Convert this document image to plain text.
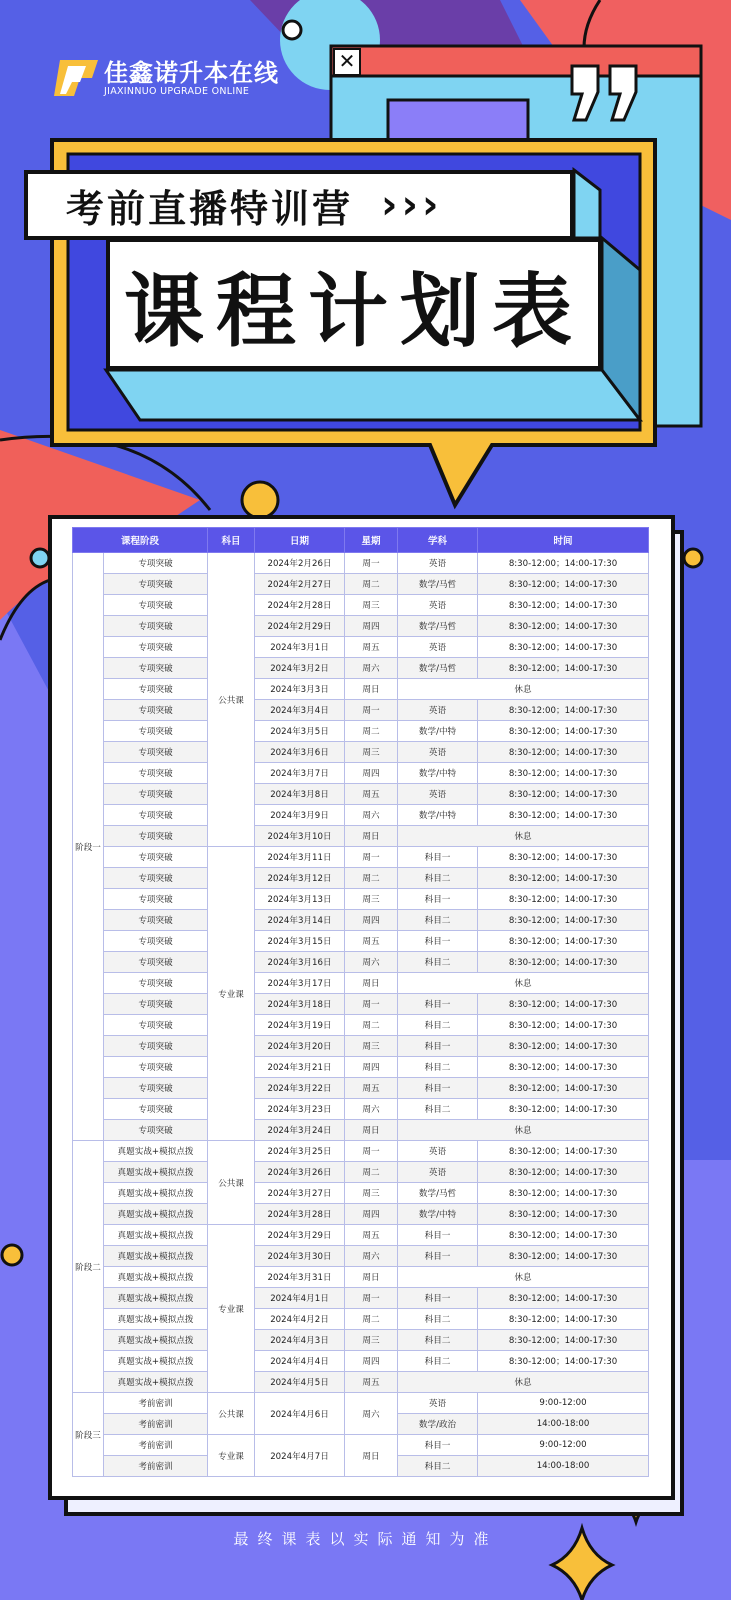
佳鑫诺升本在线
JIAXINNUO UPGRADE ONLINE
✕
考前直播特训营 ›››
课程计划表
课程阶段		科目	日期	星期	学科	时间
阶段一	专项突破	公共课	2024年2月26日	周一	英语	8:30-12:00；14:00-17:30
	专项突破		2024年2月27日	周二	数学/马哲	8:30-12:00；14:00-17:30
	专项突破		2024年2月28日	周三	英语	8:30-12:00；14:00-17:30
	专项突破		2024年2月29日	周四	数学/马哲	8:30-12:00；14:00-17:30
	专项突破		2024年3月1日	周五	英语	8:30-12:00；14:00-17:30
	专项突破		2024年3月2日	周六	数学/马哲	8:30-12:00；14:00-17:30
	专项突破		2024年3月3日	周日	休息	
	专项突破		2024年3月4日	周一	英语	8:30-12:00；14:00-17:30
	专项突破		2024年3月5日	周二	数学/中特	8:30-12:00；14:00-17:30
	专项突破		2024年3月6日	周三	英语	8:30-12:00；14:00-17:30
	专项突破		2024年3月7日	周四	数学/中特	8:30-12:00；14:00-17:30
	专项突破		2024年3月8日	周五	英语	8:30-12:00；14:00-17:30
	专项突破		2024年3月9日	周六	数学/中特	8:30-12:00；14:00-17:30
	专项突破		2024年3月10日	周日	休息	
	专项突破	专业课	2024年3月11日	周一	科目一	8:30-12:00；14:00-17:30
	专项突破		2024年3月12日	周二	科目二	8:30-12:00；14:00-17:30
	专项突破		2024年3月13日	周三	科目一	8:30-12:00；14:00-17:30
	专项突破		2024年3月14日	周四	科目二	8:30-12:00；14:00-17:30
	专项突破		2024年3月15日	周五	科目一	8:30-12:00；14:00-17:30
	专项突破		2024年3月16日	周六	科目二	8:30-12:00；14:00-17:30
	专项突破		2024年3月17日	周日	休息	
	专项突破		2024年3月18日	周一	科目一	8:30-12:00；14:00-17:30
	专项突破		2024年3月19日	周二	科目二	8:30-12:00；14:00-17:30
	专项突破		2024年3月20日	周三	科目一	8:30-12:00；14:00-17:30
	专项突破		2024年3月21日	周四	科目二	8:30-12:00；14:00-17:30
	专项突破		2024年3月22日	周五	科目一	8:30-12:00；14:00-17:30
	专项突破		2024年3月23日	周六	科目二	8:30-12:00；14:00-17:30
	专项突破		2024年3月24日	周日	休息	
阶段二	真题实战+模拟点拨	公共课	2024年3月25日	周一	英语	8:30-12:00；14:00-17:30
	真题实战+模拟点拨		2024年3月26日	周二	英语	8:30-12:00；14:00-17:30
	真题实战+模拟点拨		2024年3月27日	周三	数学/马哲	8:30-12:00；14:00-17:30
	真题实战+模拟点拨		2024年3月28日	周四	数学/中特	8:30-12:00；14:00-17:30
	真题实战+模拟点拨	专业课	2024年3月29日	周五	科目一	8:30-12:00；14:00-17:30
	真题实战+模拟点拨		2024年3月30日	周六	科目一	8:30-12:00；14:00-17:30
	真题实战+模拟点拨		2024年3月31日	周日	休息	
	真题实战+模拟点拨		2024年4月1日	周一	科目一	8:30-12:00；14:00-17:30
	真题实战+模拟点拨		2024年4月2日	周二	科目二	8:30-12:00；14:00-17:30
	真题实战+模拟点拨		2024年4月3日	周三	科目二	8:30-12:00；14:00-17:30
	真题实战+模拟点拨		2024年4月4日	周四	科目二	8:30-12:00；14:00-17:30
	真题实战+模拟点拨		2024年4月5日	周五	休息	
阶段三	考前密训	公共课	2024年4月6日	周六	英语	9:00-12:00
	考前密训				数学/政治	14:00-18:00
	考前密训	专业课	2024年4月7日	周日	科目一	9:00-12:00
	考前密训				科目二	14:00-18:00
最终课表以实际通知为准
